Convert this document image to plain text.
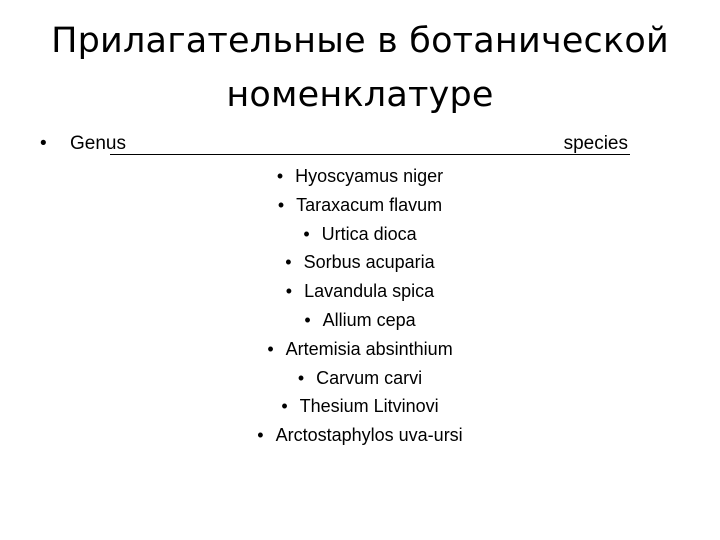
Прилагательные в ботанической
номенклатуре
• Genus	species
• Hyoscyamus niger
• Taraxacum flavum
• Urtica dioca
• Sorbus acuparia
• Lavandula spica
• Allium cepa
• Artemisia absinthium
• Carvum carvi
• Thesium Litvinovi
• Arctostaphylos uva-ursi
